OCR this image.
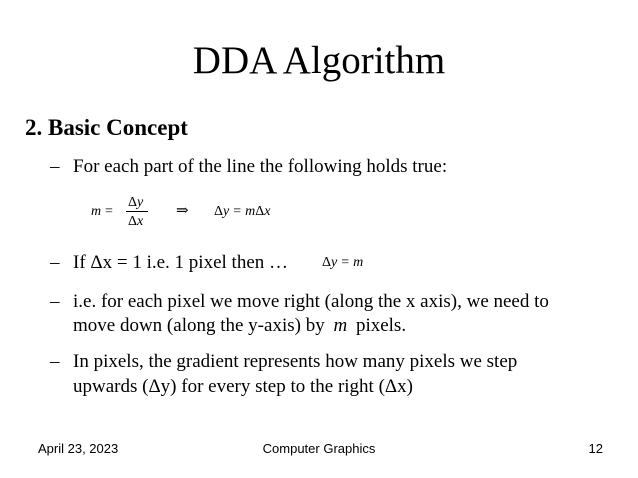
DDA Algorithm
2. Basic Concept
– For each part of the line the following holds true:
m =
Δy
Δx
⇒ Δy = mΔx
– If Δx = 1 i.e. 1 pixel then … Δy = m
– i.e. for each pixel we move right (along the x axis), we need to
move down (along the y-axis) by m pixels.
– In pixels, the gradient represents how many pixels we step
upwards (Δy) for every step to the right (Δx)
April 23, 2023	Computer Graphics	12
